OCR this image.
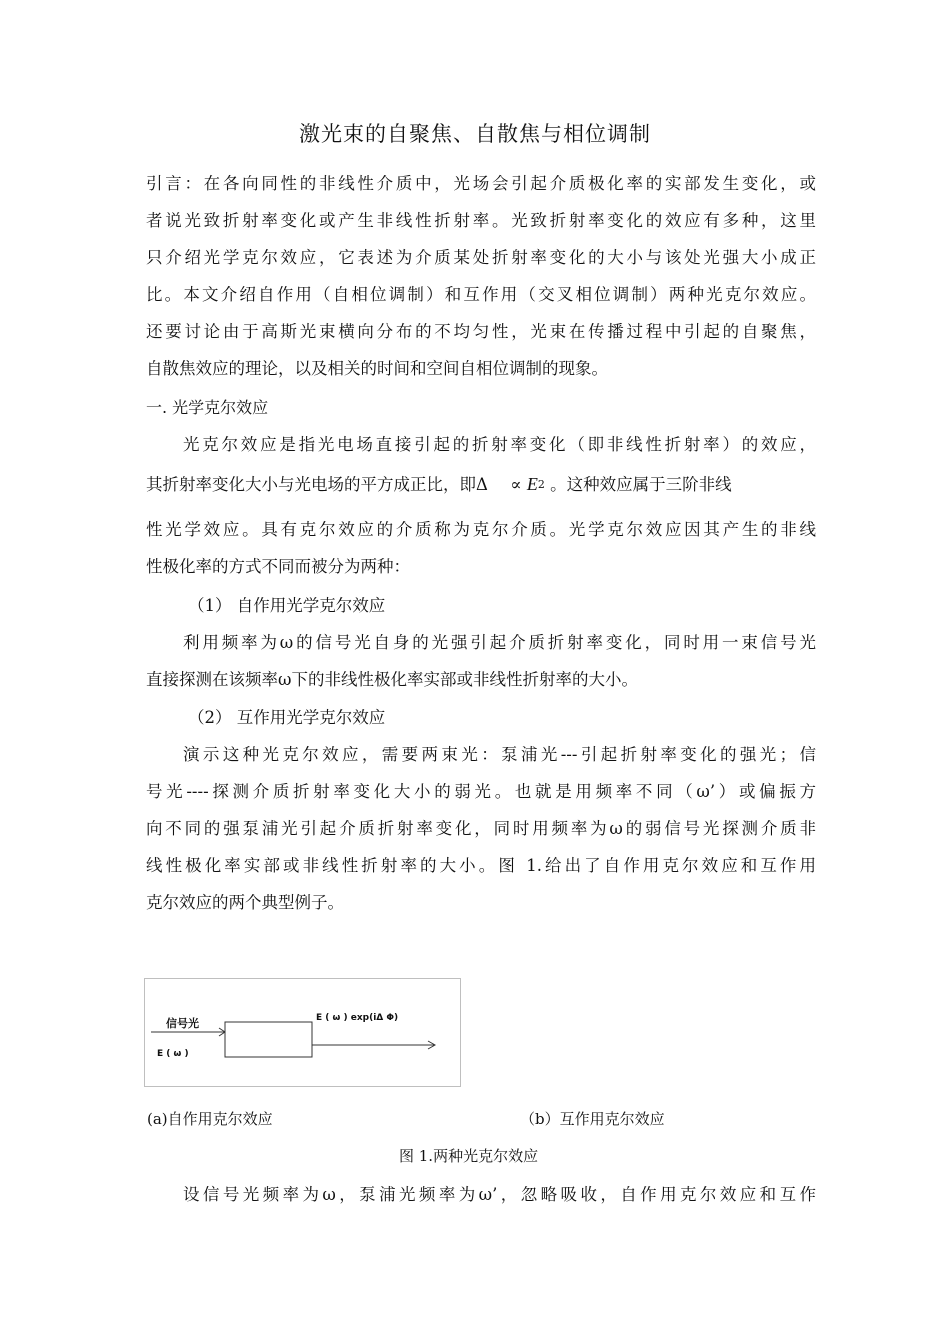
激光束的自聚焦、自散焦与相位调制
引言：在各向同性的非线性介质中，光场会引起介质极化率的实部发生变化，或
者说光致折射率变化或产生非线性折射率。光致折射率变化的效应有多种，这里
只介绍光学克尔效应，它表述为介质某处折射率变化的大小与该处光强大小成正
比。本文介绍自作用（自相位调制）和互作用（交叉相位调制）两种光克尔效应。
还要讨论由于高斯光束横向分布的不均匀性，光束在传播过程中引起的自聚焦，
自散焦效应的理论，以及相关的时间和空间自相位调制的现象。
一. 光学克尔效应
光克尔效应是指光电场直接引起的折射率变化（即非线性折射率）的效应，
其折射率变化大小与光电场的平方成正比，即Δ ∝ E2 。这种效应属于三阶非线
性光学效应。具有克尔效应的介质称为克尔介质。光学克尔效应因其产生的非线
性极化率的方式不同而被分为两种：
（1） 自作用光学克尔效应
利用频率为ω的信号光自身的光强引起介质折射率变化，同时用一束信号光
直接探测在该频率ω下的非线性极化率实部或非线性折射率的大小。
（2） 互作用光学克尔效应
演示这种光克尔效应，需要两束光：泵浦光---引起折射率变化的强光；信
号光----探测介质折射率变化大小的弱光。也就是用频率不同（ω’）或偏振方
向不同的强泵浦光引起介质折射率变化，同时用频率为ω的弱信号光探测介质非
线性极化率实部或非线性折射率的大小。图 1.给出了自作用克尔效应和互作用
克尔效应的两个典型例子。
信号光
E ( ω )
E ( ω ) exp(iΔ Φ)
(a)自作用克尔效应	（b）互作用克尔效应
图 1.两种光克尔效应
设信号光频率为ω，泵浦光频率为ω’，忽略吸收，自作用克尔效应和互作
